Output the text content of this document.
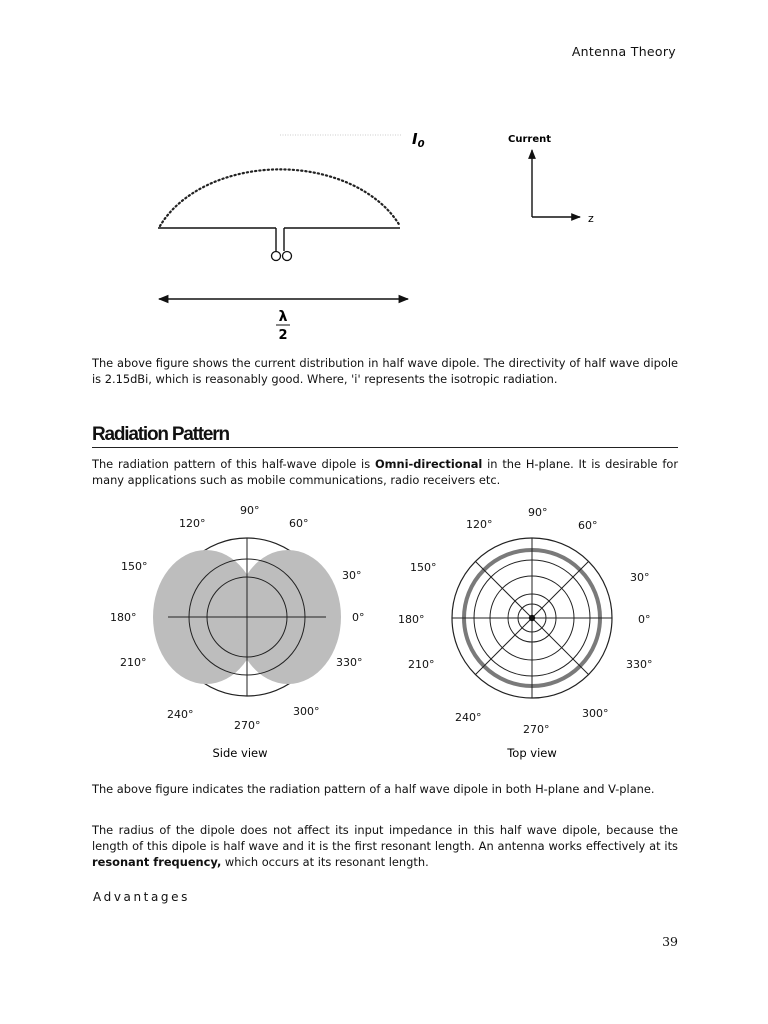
Antenna Theory
$I_0$
λ
2
Current
z

The above figure shows the current distribution in half wave dipole. The directivity of half wave dipole is 2.15dBi, which is reasonably good. Where, 'i' represents the isotropic radiation.

Radiation Pattern

The radiation pattern of this half-wave dipole is Omni-directional in the H-plane. It is desirable for many applications such as mobile communications, radio receivers etc.

90°
60°
120°
150°
30°
180°	0°
210°	330°
240°	300°
270°
90°
60°
120°
150°
30°
180°	0°
210°	330°
240°	300°
270°
Side view	Top view

The above figure indicates the radiation pattern of a half wave dipole in both H-plane and V-plane.

The radius of the dipole does not affect its input impedance in this half wave dipole, because the length of this dipole is half wave and it is the first resonant length. An antenna works effectively at its resonant frequency, which occurs at its resonant length.

Advantages
39
